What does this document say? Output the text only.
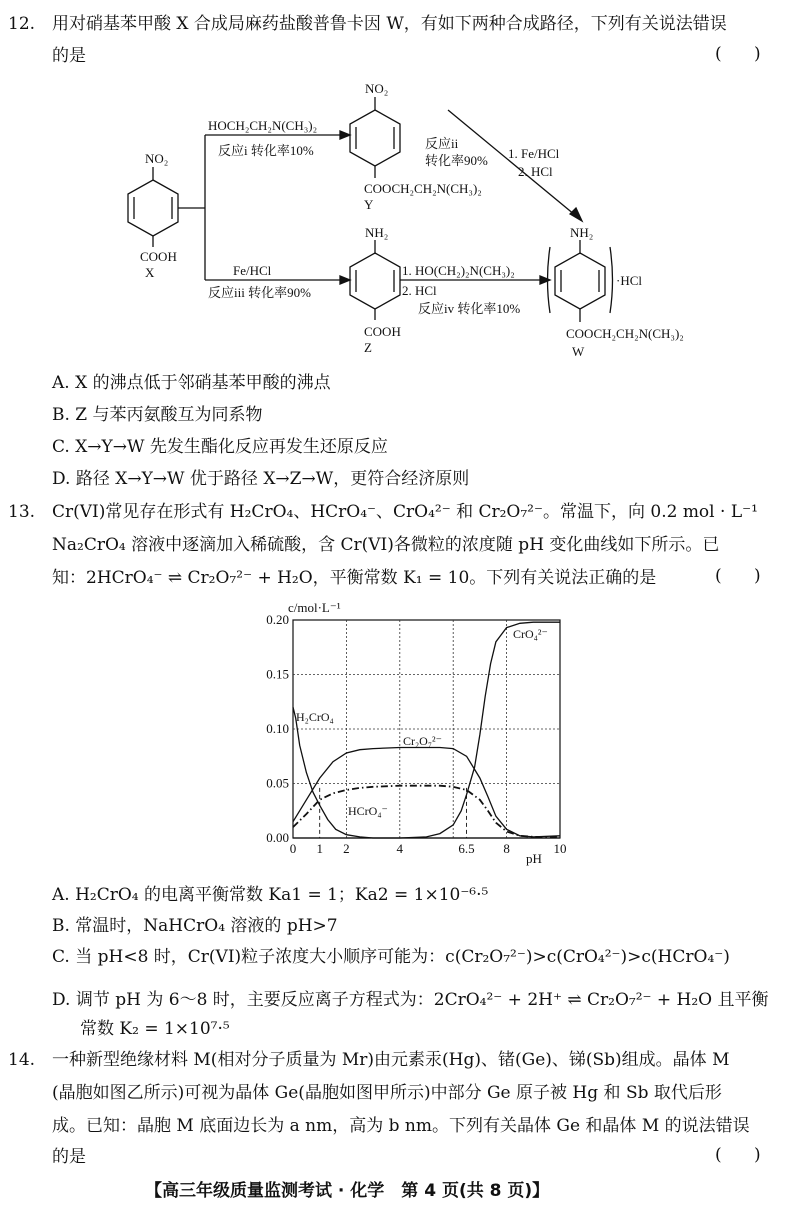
12. 用对硝基苯甲酸 X 合成局麻药盐酸普鲁卡因 W，有如下两种合成路径，下列有关说法错误
的是	(      )
NO₂
COOH
X
HOCH₂CH₂N(CH₃)₂
反应i 转化率10%
NO₂
COOCH₂CH₂N(CH₃)₂
Y
反应ii
转化率90% 1. Fe/HCl
2. HCl
Fe/HCl
反应iii 转化率90%
NH₂
COOH
Z
1. HO(CH₂)₂N(CH₃)₂
2. HCl
反应iv 转化率10%
NH₂
·HCl
COOCH₂CH₂N(CH₃)₂
W
A. X 的沸点低于邻硝基苯甲酸的沸点
B. Z 与苯丙氨酸互为同系物
C. X→Y→W 先发生酯化反应再发生还原反应
D. 路径 X→Y→W 优于路径 X→Z→W，更符合经济原则
13. Cr(VI)常见存在形式有 H₂CrO₄、HCrO₄⁻、CrO₄²⁻ 和 Cr₂O₇²⁻。常温下，向 0.2 mol · L⁻¹
Na₂CrO₄ 溶液中逐滴加入稀硫酸，含 Cr(VI)各微粒的浓度随 pH 变化曲线如下所示。已
知：2HCrO₄⁻ ⇌ Cr₂O₇²⁻ + H₂O，平衡常数 K₁ = 10。下列有关说法正确的是	(      )
c/mol·L⁻¹
pH
0 1 2	4	6.5 8	10
0.00
0.05
0.10
0.15
0.20
H₂CrO₄
Cr₂O₇²⁻
HCrO₄⁻
CrO₄²⁻
A. H₂CrO₄ 的电离平衡常数 Ka1 = 1；Ka2 = 1×10⁻⁶·⁵
B. 常温时，NaHCrO₄ 溶液的 pH>7
C. 当 pH<8 时，Cr(VI)粒子浓度大小顺序可能为：c(Cr₂O₇²⁻)>c(CrO₄²⁻)>c(HCrO₄⁻)
D. 调节 pH 为 6～8 时，主要反应离子方程式为：2CrO₄²⁻ + 2H⁺ ⇌ Cr₂O₇²⁻ + H₂O 且平衡
常数 K₂ = 1×10⁷·⁵
14. 一种新型绝缘材料 M(相对分子质量为 Mr)由元素汞(Hg)、锗(Ge)、锑(Sb)组成。晶体 M
(晶胞如图乙所示)可视为晶体 Ge(晶胞如图甲所示)中部分 Ge 原子被 Hg 和 Sb 取代后形
成。已知：晶胞 M 底面边长为 a nm，高为 b nm。下列有关晶体 Ge 和晶体 M 的说法错误
的是	(      )
【高三年级质量监测考试 · 化学　第 4 页(共 8 页)】
